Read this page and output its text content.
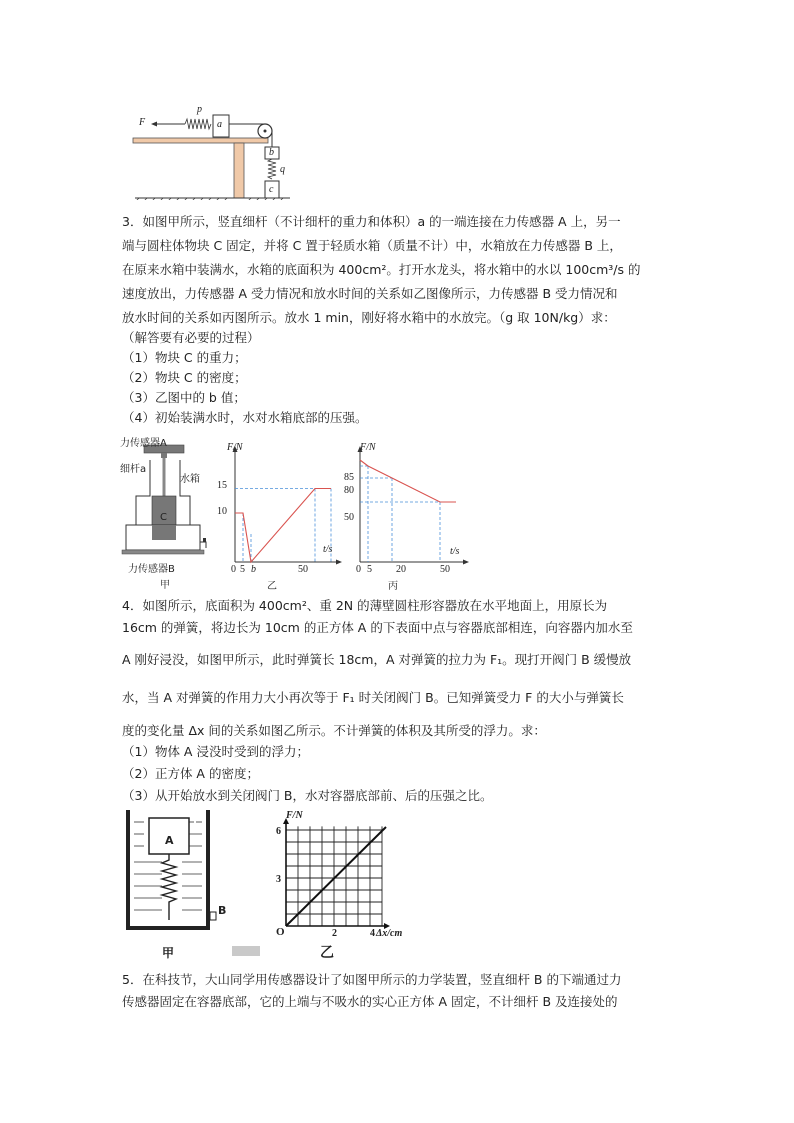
F
p
a
b
q
c
3．如图甲所示，竖直细杆（不计细杆的重力和体积）a 的一端连接在力传感器 A 上，另一
端与圆柱体物块 C 固定，并将 C 置于轻质水箱（质量不计）中，水箱放在力传感器 B 上，
在原来水箱中装满水，水箱的底面积为 400cm²。打开水龙头，将水箱中的水以 100cm³/s 的
速度放出，力传感器 A 受力情况和放水时间的关系如乙图像所示，力传感器 B 受力情况和
放水时间的关系如丙图所示。放水 1 min，刚好将水箱中的水放完。（g 取 10N/kg）求：
（解答要有必要的过程）
（1）物块 C 的重力；
（2）物块 C 的密度；
（3）乙图中的 b 值；
（4）初始装满水时，水对水箱底部的压强。
力传感器A
细杆a
水箱
C
力传感器B
甲
F/N
t/s
15
10
0 5 b	50
乙
F/N
t/s
85
80
50
0 5 20	50
丙
4．如图所示，底面积为 400cm²、重 2N 的薄壁圆柱形容器放在水平地面上，用原长为
16cm 的弹簧，将边长为 10cm 的正方体 A 的下表面中点与容器底部相连，向容器内加水至
A 刚好浸没，如图甲所示，此时弹簧长 18cm，A 对弹簧的拉力为 F₁。现打开阀门 B 缓慢放
水，当 A 对弹簧的作用力大小再次等于 F₁ 时关闭阀门 B。已知弹簧受力 F 的大小与弹簧长
度的变化量 Δx 间的关系如图乙所示。不计弹簧的体积及其所受的浮力。求：
（1）物体 A 浸没时受到的浮力；
（2）正方体 A 的密度；
（3）从开始放水到关闭阀门 B，水对容器底部前、后的压强之比。
A
B
甲
F/N
Δx/cm
6
3
O	2	4
乙
5．在科技节，大山同学用传感器设计了如图甲所示的力学装置，竖直细杆 B 的下端通过力
传感器固定在容器底部，它的上端与不吸水的实心正方体 A 固定，不计细杆 B 及连接处的
